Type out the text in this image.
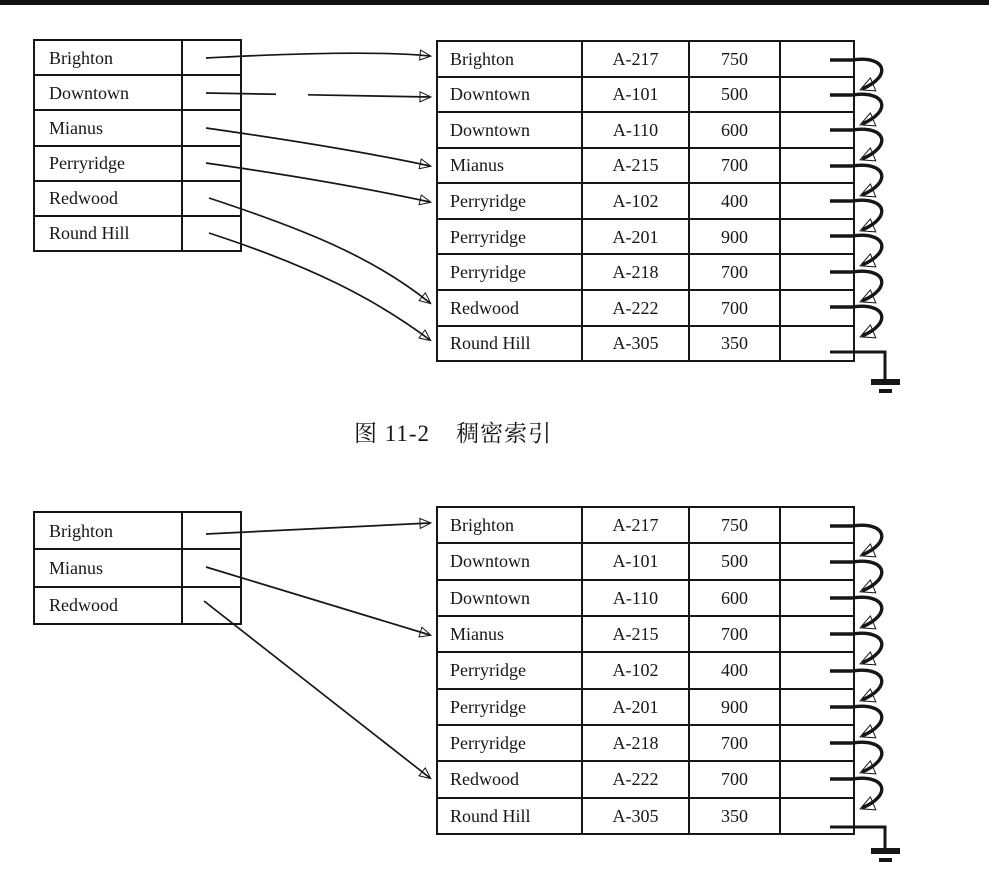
Brighton
Downtown
Mianus
Perryridge
Redwood
Round Hill
Brighton	A-217	750
Downtown	A-101	500
Downtown	A-110	600
Mianus	A-215	700
Perryridge	A-102	400
Perryridge	A-201	900
Perryridge	A-218	700
Redwood	A-222	700
Round Hill	A-305	350
图 11-2 稠密索引
Brighton
Mianus
Redwood
Brighton	A-217	750
Downtown	A-101	500
Downtown	A-110	600
Mianus	A-215	700
Perryridge	A-102	400
Perryridge	A-201	900
Perryridge	A-218	700
Redwood	A-222	700
Round Hill	A-305	350
